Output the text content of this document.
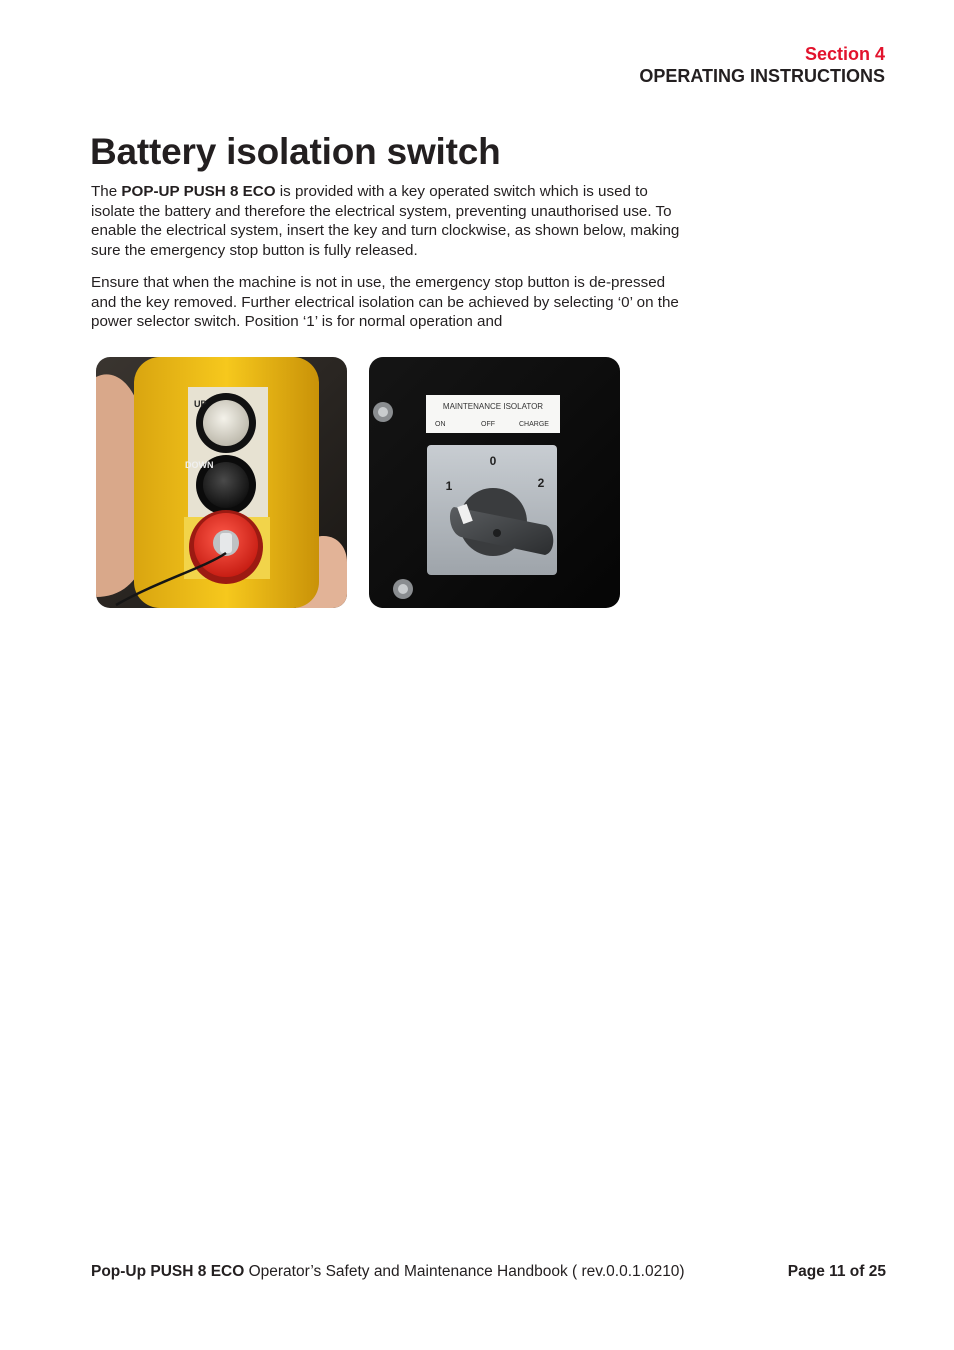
Section 4
OPERATING INSTRUCTIONS
Battery isolation switch

The POP-UP PUSH 8 ECO is provided with a key operated switch which is used to isolate the battery and therefore the electrical system, preventing unauthorised use. To enable the electrical system, insert the key and turn clockwise, as shown below, making sure the emergency stop button is fully released.

Ensure that when the machine is not in use, the emergency stop button is de-pressed and the key removed. Further electrical isolation can be achieved by selecting ‘0’ on the power selector switch. Position ‘1’ is for normal operation and

UP
DOWN
MAINTENANCE ISOLATOR
ON	OFF	CHARGE
0
1	2
Pop-Up PUSH 8 ECO Operator’s Safety and Maintenance Handbook ( rev.0.0.1.0210)	Page 11 of 25
